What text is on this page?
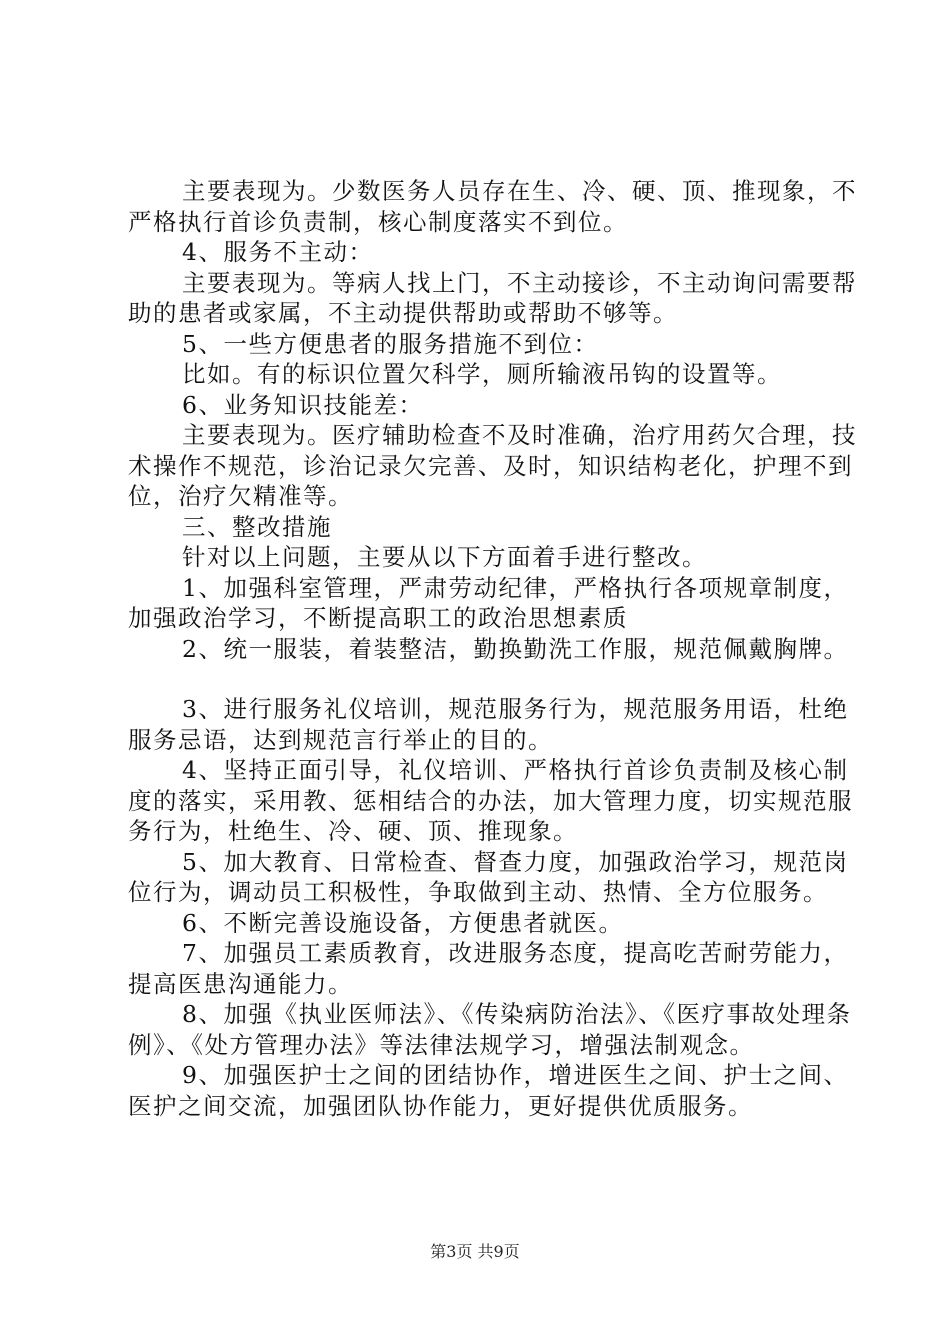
主要表现为。少数医务人员存在生、冷、硬、顶、推现象，不严格执行首诊负责制，核心制度落实不到位。

4、服务不主动：

主要表现为。等病人找上门，不主动接诊，不主动询问需要帮助的患者或家属，不主动提供帮助或帮助不够等。

5、一些方便患者的服务措施不到位：

比如。有的标识位置欠科学，厕所输液吊钩的设置等。

6、业务知识技能差：

主要表现为。医疗辅助检查不及时准确，治疗用药欠合理，技术操作不规范，诊治记录欠完善、及时，知识结构老化，护理不到位，治疗欠精准等。

三、整改措施

针对以上问题，主要从以下方面着手进行整改。

1、加强科室管理，严肃劳动纪律，严格执行各项规章制度，加强政治学习，不断提高职工的政治思想素质

2、统一服装，着装整洁，勤换勤洗工作服，规范佩戴胸牌。

3、进行服务礼仪培训，规范服务行为，规范服务用语，杜绝服务忌语，达到规范言行举止的目的。

4、坚持正面引导，礼仪培训、严格执行首诊负责制及核心制度的落实，采用教、惩相结合的办法，加大管理力度，切实规范服务行为，杜绝生、冷、硬、顶、推现象。

5、加大教育、日常检查、督查力度，加强政治学习，规范岗位行为，调动员工积极性，争取做到主动、热情、全方位服务。

6、不断完善设施设备，方便患者就医。

7、加强员工素质教育，改进服务态度，提高吃苦耐劳能力，提高医患沟通能力。

8、加强《执业医师法》、《传染病防治法》、《医疗事故处理条例》、《处方管理办法》等法律法规学习，增强法制观念。

9、加强医护士之间的团结协作，增进医生之间、护士之间、医护之间交流，加强团队协作能力，更好提供优质服务。

第3页 共9页
